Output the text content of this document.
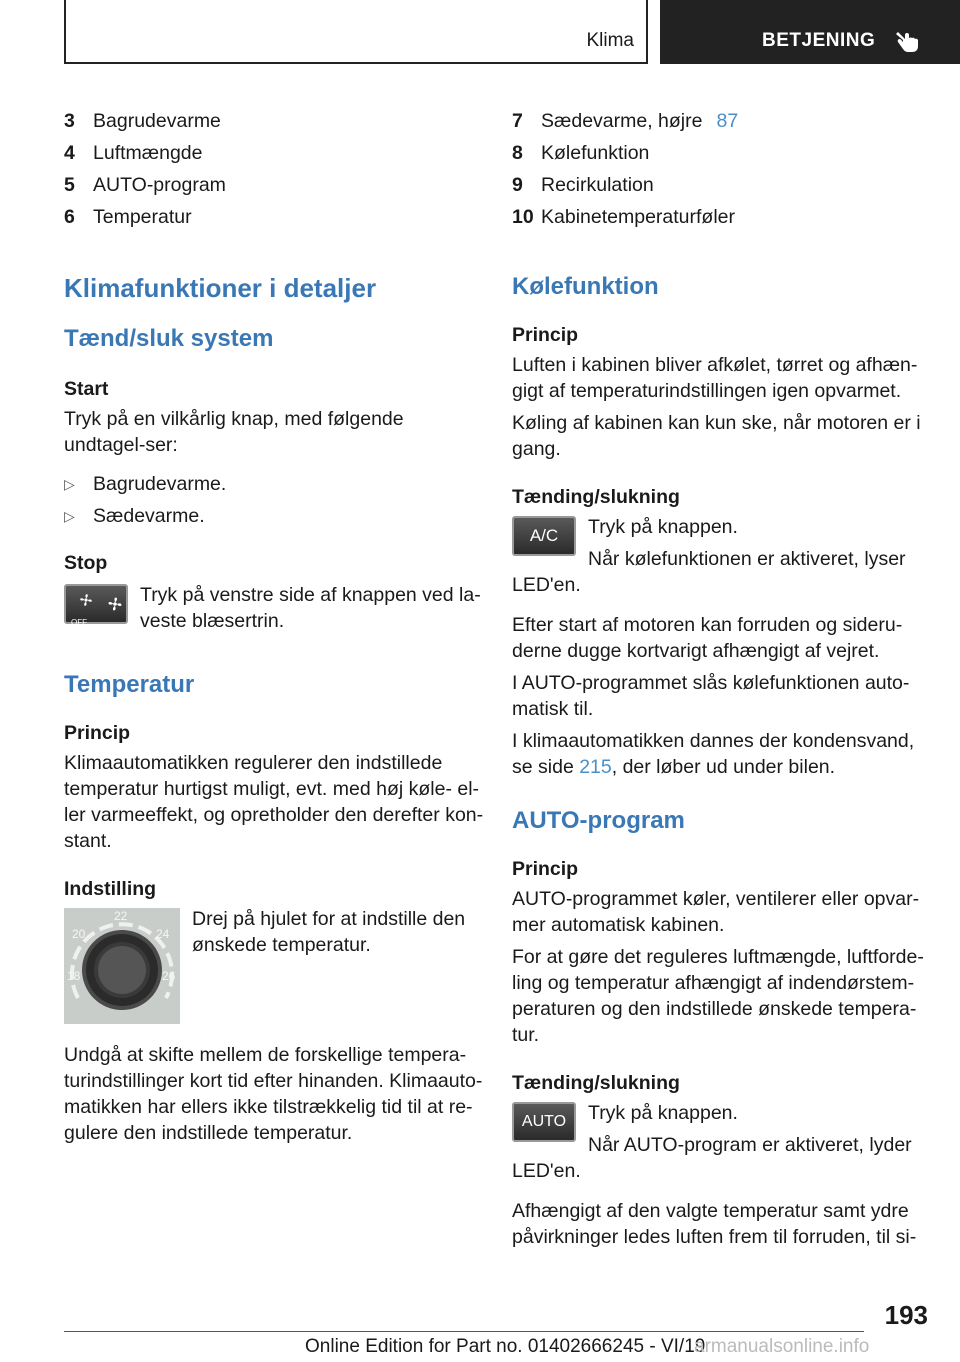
Klima	BETJENING
3 Bagrudevarme
4 Luftmængde
5 AUTO-program
6 Temperatur
Klimafunktioner i detaljer
Tænd/sluk system
Start

Tryk på en vilkårlig knap, med følgende undtagel‐ser:

▷ Bagrudevarme.
▷ Sædevarme.
Stop
OFF

Tryk på venstre side af knappen ved la‐veste blæsertrin.

Temperatur
Princip

Klimaautomatikken regulerer den indstillede temperatur hurtigst muligt, evt. med høj køle- el‐ler varmeeffekt, og opretholder den derefter kon‐stant.

Indstilling
18
20
22
24
26

Drej på hjulet for at indstille den ønskede temperatur.

Undgå at skifte mellem de forskellige tempera‐turindstillinger kort tid efter hinanden. Klimaauto‐matikken har ellers ikke tilstrækkelig tid til at re‐gulere den indstillede temperatur.

7 Sædevarme, højre 87
8 Kølefunktion
9 Recirkulation
10 Kabinetemperaturføler
Kølefunktion
Princip

Luften i kabinen bliver afkølet, tørret og afhæn‐gigt af temperaturindstillingen igen opvarmet.

Køling af kabinen kan kun ske, når motoren er i gang.

Tænding/slukning
A/C	Tryk på knappen.

Når kølefunktionen er aktiveret, lyser LED'en.

Efter start af motoren kan forruden og sideru‐derne dugge kortvarigt afhængigt af vejret.

I AUTO-programmet slås kølefunktionen auto‐matisk til.

I klimaautomatikken dannes der kondensvand, se side 215, der løber ud under bilen.

AUTO-program
Princip

AUTO-programmet køler, ventilerer eller opvar‐mer automatisk kabinen.

For at gøre det reguleres luftmængde, luftforde‐ling og temperatur afhængigt af indendørstem‐peraturen og den indstillede ønskede tempera‐tur.

Tænding/slukning
AUTO	Tryk på knappen.

Når AUTO-program er aktiveret, lyder LED'en.

Afhængigt af den valgte temperatur samt ydre påvirkninger ledes luften frem til forruden, til si‐

193
Online Edition for Part no. 01402666245 - VI/19
armanualsonline.info
